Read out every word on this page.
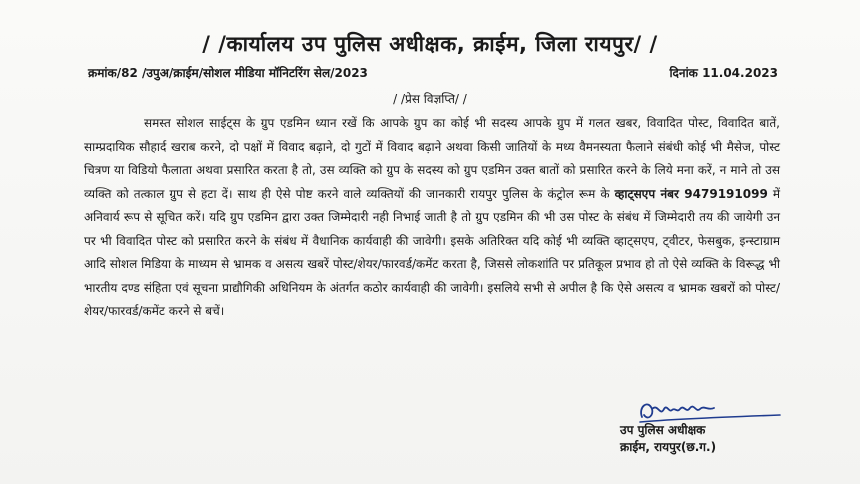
/ /कार्यालय उप पुलिस अधीक्षक, क्राईम, जिला रायपुर/ /
क्रमांक/82 /उपुअ/क्राईम/सोशल मीडिया मॉनिटरिंग सेल/2023	दिनांक 11.04.2023
/ /प्रेस विज्ञप्ति/ /

समस्त सोशल साईट्स के ग्रुप एडमिन ध्यान रखें कि आपके ग्रुप का कोई भी सदस्य आपके ग्रुप में गलत खबर, विवादित पोस्ट, विवादित बातें, साम्प्रदायिक सौहार्द खराब करने, दो पक्षों में विवाद बढ़ाने, दो गुटों में विवाद बढ़ाने अथवा किसी जातियों के मध्य वैमनस्यता फैलाने संबंधी कोई भी मैसेज, पोस्ट चित्रण या विडियो फैलाता अथवा प्रसारित करता है तो, उस व्यक्ति को ग्रुप के सदस्य को ग्रुप एडमिन उक्त बातों को प्रसारित करने के लिये मना करें, न माने तो उस व्यक्ति को तत्काल ग्रुप से हटा दें। साथ ही ऐसे पोष्ट करने वाले व्यक्तियों की जानकारी रायपुर पुलिस के कंट्रोल रूम के व्हाट्सएप नंबर 9479191099 में अनिवार्य रूप से सूचित करें। यदि ग्रुप एडमिन द्वारा उक्त जिम्मेदारी नही निभाई जाती है तो ग्रुप एडमिन की भी उस पोस्ट के संबंध में जिम्मेदारी तय की जायेगी उन पर भी विवादित पोस्ट को प्रसारित करने के संबंध में वैधानिक कार्यवाही की जावेगी। इसके अतिरिक्त यदि कोई भी व्यक्ति व्हाट्सएप, ट्वीटर, फेसबुक, इन्स्टाग्राम आदि सोशल मिडिया के माध्यम से भ्रामक व असत्य खबरें पोस्ट/शेयर/फारवर्ड/कमेंट करता है, जिससे लोकशांति पर प्रतिकूल प्रभाव हो तो ऐसे व्यक्ति के विरूद्ध भी भारतीय दण्ड संहिता एवं सूचना प्राद्यौगिकी अधिनियम के अंतर्गत कठोर कार्यवाही की जावेगी। इसलिये सभी से अपील है कि ऐसे असत्य व भ्रामक खबरों को पोस्ट/शेयर/फारवर्ड/कमेंट करने से बचें।

उप पुलिस अधीक्षक
क्राईम, रायपुर(छ.ग.)
